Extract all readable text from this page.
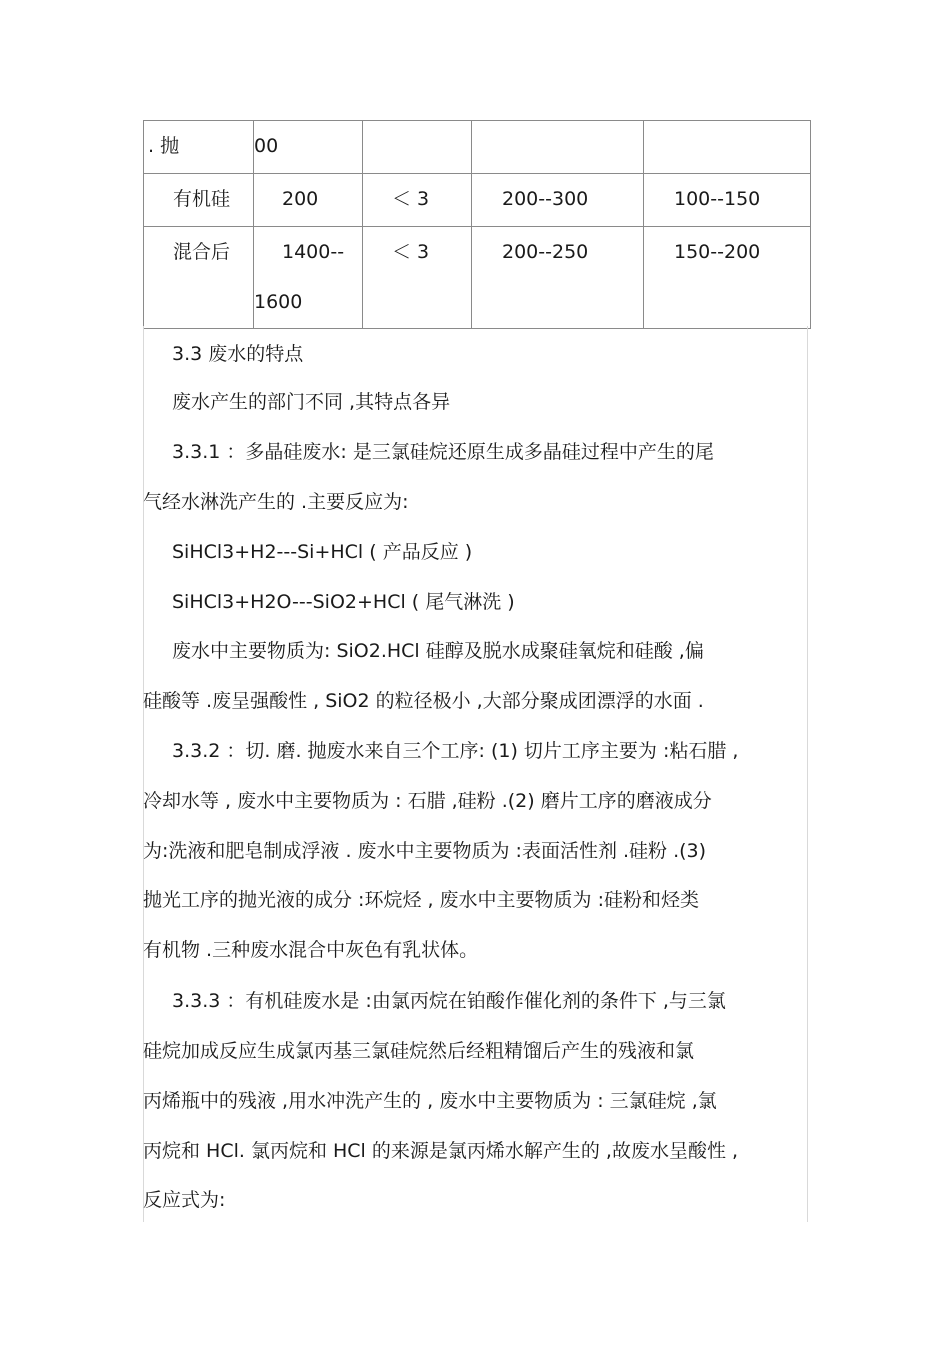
. 抛	00			

有机硅	200	＜ 3	200--300	100--150

混合后	1400--
1600	＜ 3	200--250	150--200
3.3 废水的特点
废水产生的部门不同 ,其特点各异
3.3.1 ：多晶硅废水: 是三氯硅烷还原生成多晶硅过程中产生的尾
气经水淋洗产生的 .主要反应为:
SiHCl3+H2---Si+HCl ( 产品反应 )
SiHCl3+H2O---SiO2+HCl ( 尾气淋洗 )
废水中主要物质为: SiO2.HCl 硅醇及脱水成聚硅氧烷和硅酸 ,偏
硅酸等 .废呈强酸性 , SiO2 的粒径极小 ,大部分聚成团漂浮的水面 .
3.3.2 ：切. 磨. 抛废水来自三个工序: (1) 切片工序主要为 :粘石腊 ,
冷却水等 , 废水中主要物质为 : 石腊 ,硅粉 .(2) 磨片工序的磨液成分
为:洗液和肥皂制成浮液 . 废水中主要物质为 :表面活性剂 .硅粉 .(3)
抛光工序的抛光液的成分 :环烷烃 , 废水中主要物质为 :硅粉和烃类
有机物 .三种废水混合中灰色有乳状体。
3.3.3 ：有机硅废水是 :由氯丙烷在铂酸作催化剂的条件下 ,与三氯
硅烷加成反应生成氯丙基三氯硅烷然后经粗精馏后产生的残液和氯
丙烯瓶中的残液 ,用水冲洗产生的 , 废水中主要物质为 : 三氯硅烷 ,氯
丙烷和 HCl. 氯丙烷和 HCl 的来源是氯丙烯水解产生的 ,故废水呈酸性 ,
反应式为:
